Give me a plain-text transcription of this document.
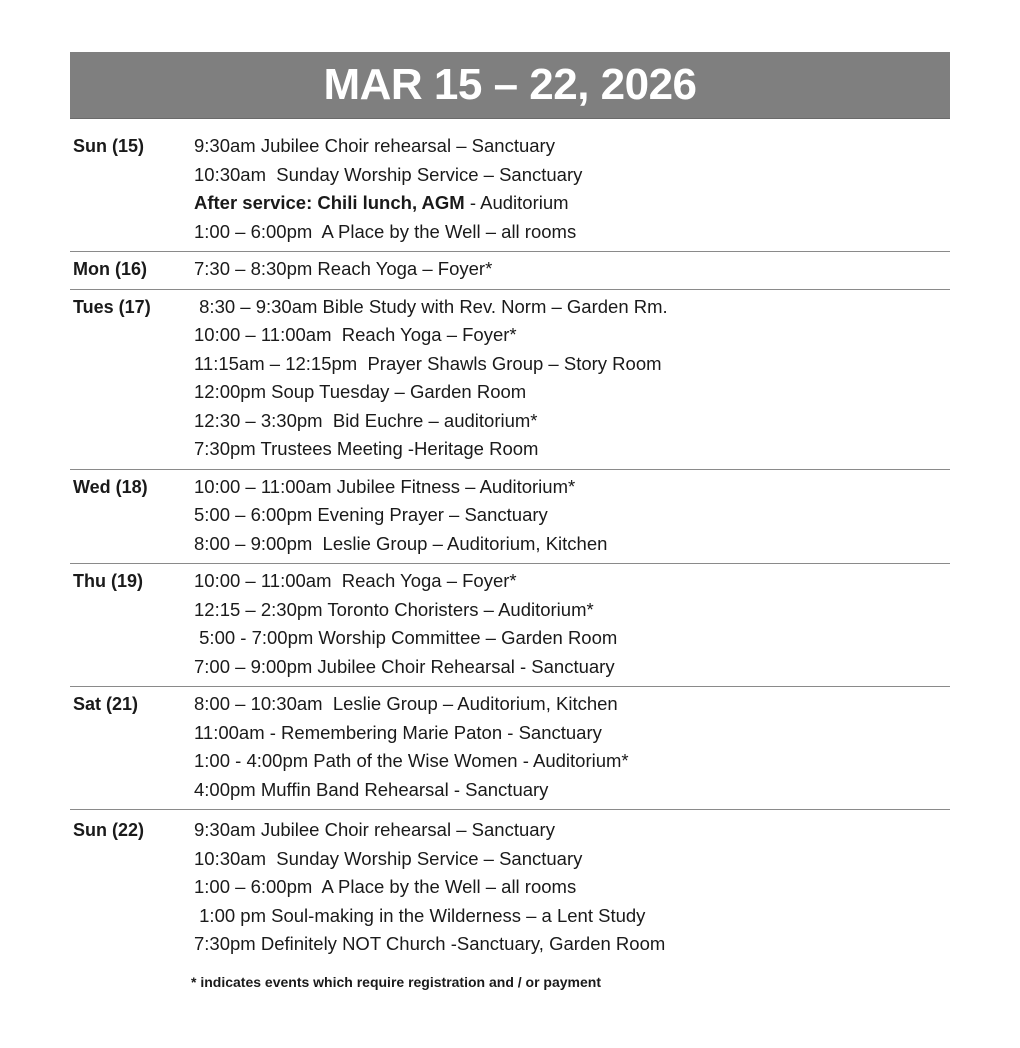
MAR 15 – 22, 2026
Sun (15)	9:30am Jubilee Choir rehearsal – Sanctuary
10:30am  Sunday Worship Service – Sanctuary
After service: Chili lunch, AGM - Auditorium
1:00 – 6:00pm  A Place by the Well – all rooms
Mon (16)	7:30 – 8:30pm Reach Yoga – Foyer*
Tues (17)	8:30 – 9:30am Bible Study with Rev. Norm – Garden Rm.
10:00 – 11:00am  Reach Yoga – Foyer*
11:15am – 12:15pm  Prayer Shawls Group – Story Room
12:00pm Soup Tuesday – Garden Room
12:30 – 3:30pm  Bid Euchre – auditorium*
7:30pm Trustees Meeting -Heritage Room
Wed (18)	10:00 – 11:00am Jubilee Fitness – Auditorium*
5:00 – 6:00pm Evening Prayer – Sanctuary
8:00 – 9:00pm  Leslie Group – Auditorium, Kitchen
Thu (19)	10:00 – 11:00am  Reach Yoga – Foyer*
12:15 – 2:30pm Toronto Choristers – Auditorium*
5:00 - 7:00pm Worship Committee – Garden Room
7:00 – 9:00pm Jubilee Choir Rehearsal - Sanctuary
Sat (21)	8:00 – 10:30am  Leslie Group – Auditorium, Kitchen
11:00am - Remembering Marie Paton - Sanctuary
1:00 - 4:00pm Path of the Wise Women - Auditorium*
4:00pm Muffin Band Rehearsal - Sanctuary
Sun (22)	9:30am Jubilee Choir rehearsal – Sanctuary
10:30am  Sunday Worship Service – Sanctuary
1:00 – 6:00pm  A Place by the Well – all rooms
1:00 pm Soul-making in the Wilderness – a Lent Study
7:30pm Definitely NOT Church -Sanctuary, Garden Room
* indicates events which require registration and / or payment
